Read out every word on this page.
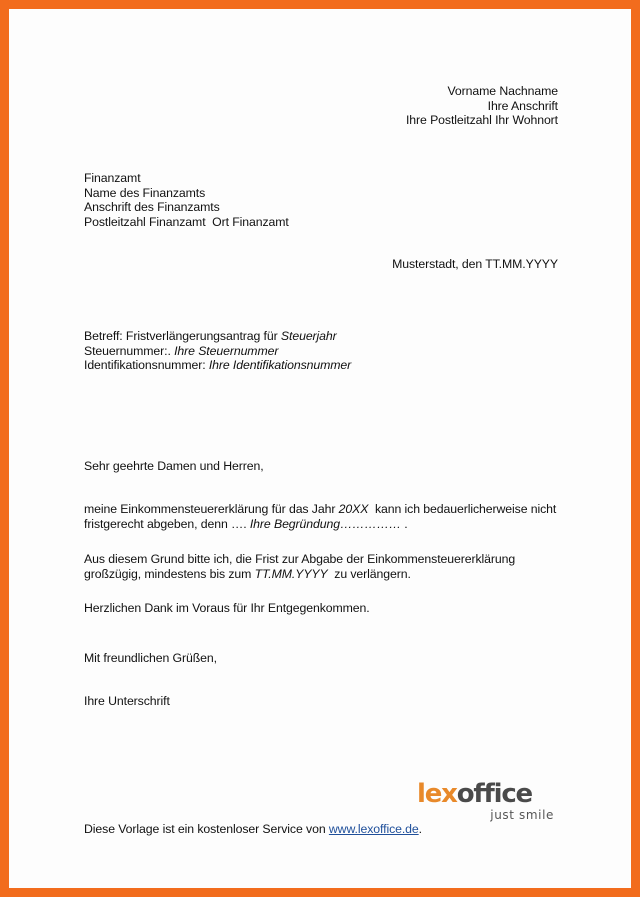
Vorname Nachname
Ihre Anschrift
Ihre Postleitzahl Ihr Wohnort
Finanzamt
Name des Finanzamts
Anschrift des Finanzamts
Postleitzahl Finanzamt  Ort Finanzamt
Musterstadt, den TT.MM.YYYY
Betreff: Fristverlängerungsantrag für Steuerjahr
Steuernummer:. Ihre Steuernummer
Identifikationsnummer: Ihre Identifikationsnummer
Sehr geehrte Damen und Herren,
meine Einkommensteuererklärung für das Jahr 20XX  kann ich bedauerlicherweise nicht fristgerecht abgeben, denn …. Ihre Begründung…………… .
Aus diesem Grund bitte ich, die Frist zur Abgabe der Einkommensteuererklärung großzügig, mindestens bis zum TT.MM.YYYY  zu verlängern.
Herzlichen Dank im Voraus für Ihr Entgegenkommen.
Mit freundlichen Grüßen,
Ihre Unterschrift
lexoffice
just smile
Diese Vorlage ist ein kostenloser Service von www.lexoffice.de.
